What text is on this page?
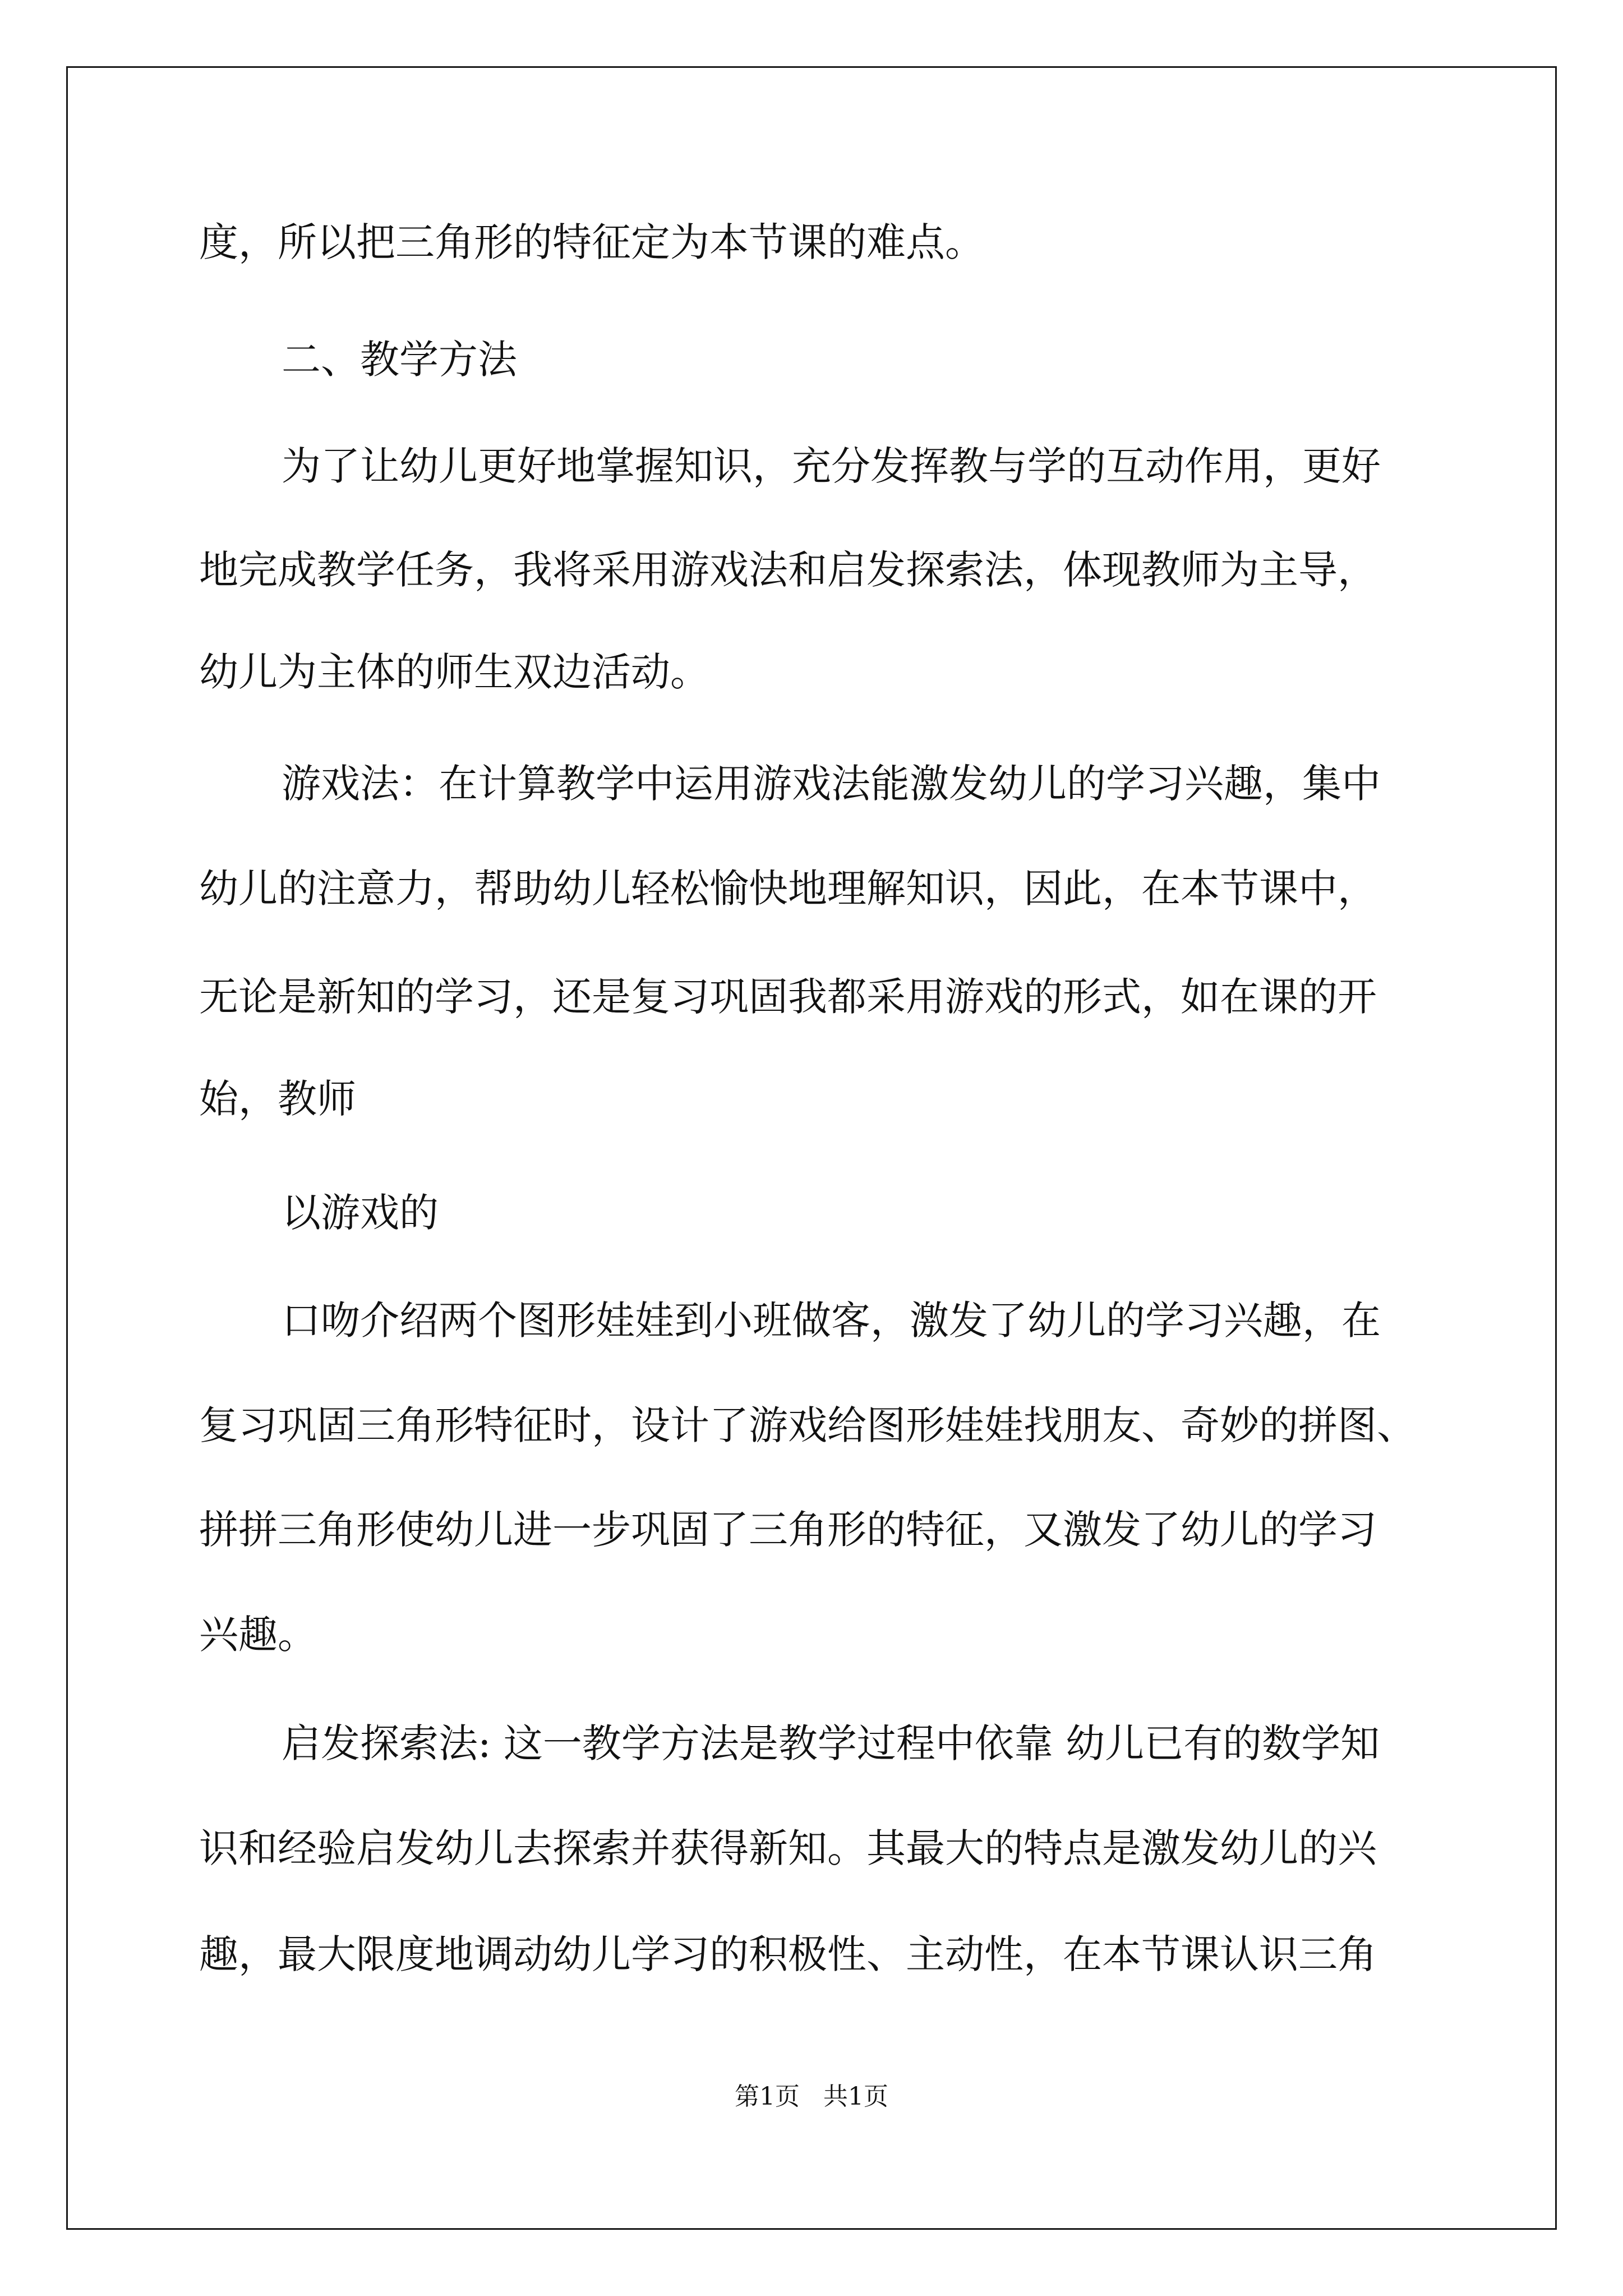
度，所以把三角形的特征定为本节课的难点。

二、教学方法

为了让幼儿更好地掌握知识，充分发挥教与学的互动作用，更好

地完成教学任务，我将采用游戏法和启发探索法，体现教师为主导，

幼儿为主体的师生双边活动。

游戏法：在计算教学中运用游戏法能激发幼儿的学习兴趣，集中

幼儿的注意力，帮助幼儿轻松愉快地理解知识，因此，在本节课中，

无论是新知的学习，还是复习巩固我都采用游戏的形式，如在课的开

始，教师

以游戏的

口吻介绍两个图形娃娃到小班做客，激发了幼儿的学习兴趣，在

复习巩固三角形特征时，设计了游戏给图形娃娃找朋友、奇妙的拼图、

拼拼三角形使幼儿进一步巩固了三角形的特征，又激发了幼儿的学习

兴趣。

启发探索法: 这一教学方法是教学过程中依靠 幼儿已有的数学知

识和经验启发幼儿去探索并获得新知。其最大的特点是激发幼儿的兴

趣，最大限度地调动幼儿学习的积极性、主动性，在本节课认识三角

第1页   共1页
